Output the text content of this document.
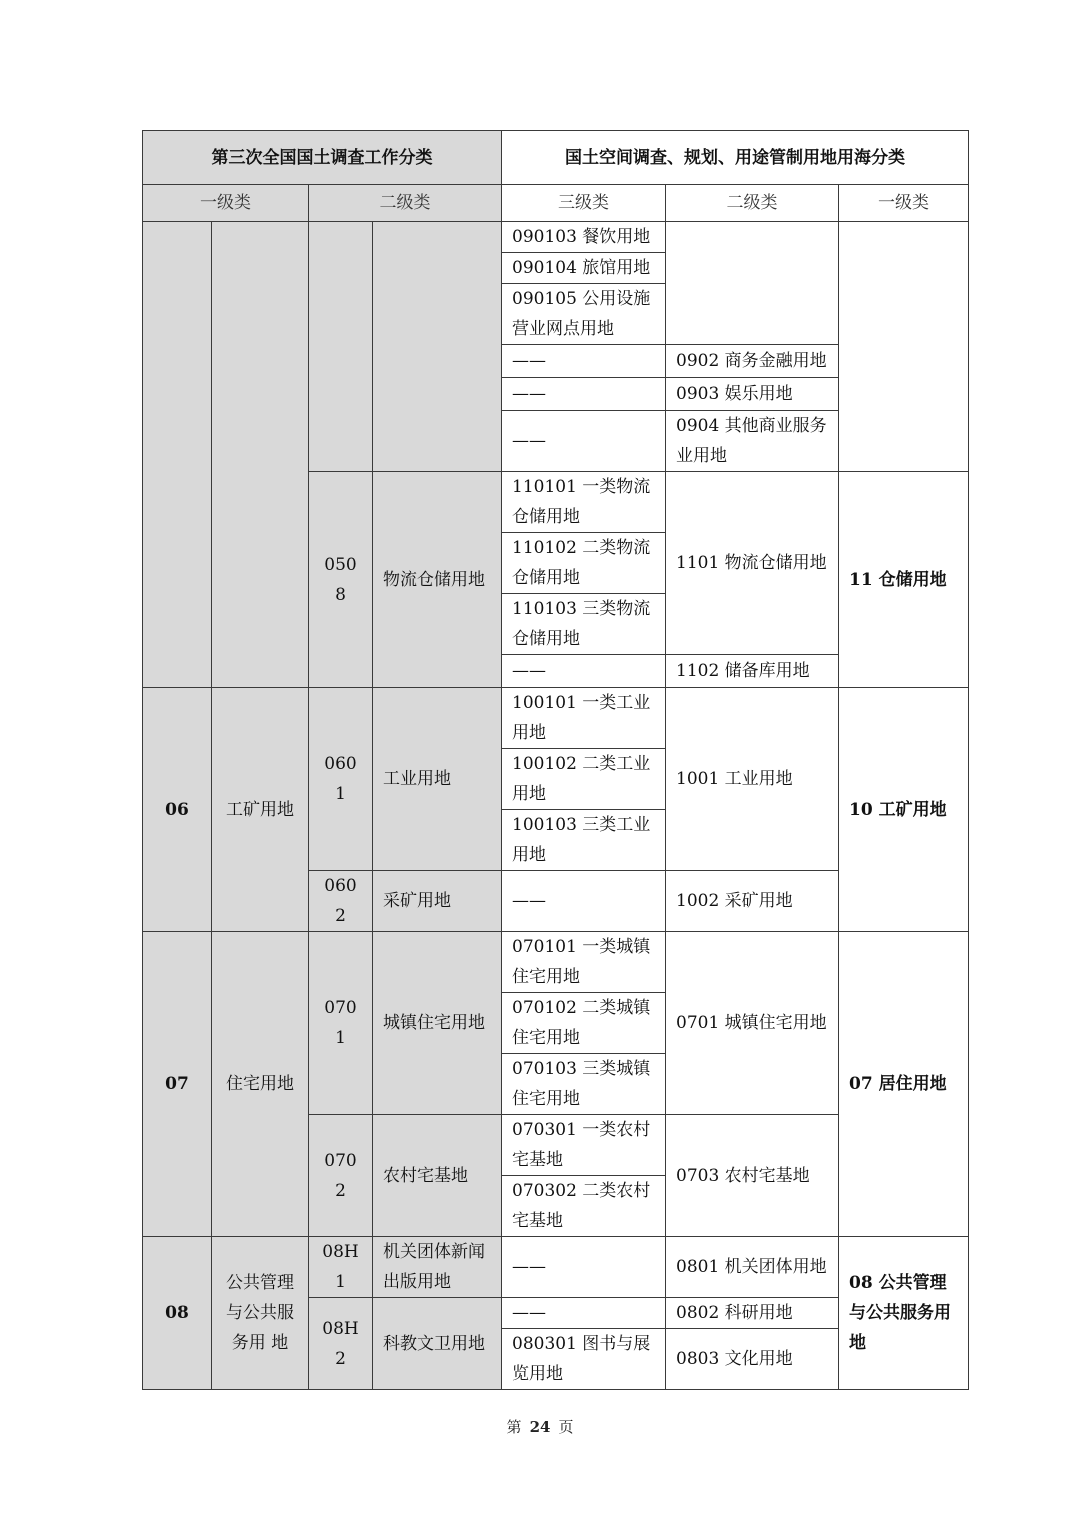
第三次全国国土调查工作分类				国土空间调查、规划、用途管制用地用海分类		
一级类		二级类		三级类	二级类	一级类
				090103 餐饮用地		
				090104 旅馆用地		
				090105 公用设施营业网点用地		
				——	0902 商务金融用地	
				——	0903 娱乐用地	
				——	0904 其他商业服务业用地	
		0508	物流仓储用地	110101 一类物流仓储用地	1101 物流仓储用地	11 仓储用地
				110102 二类物流仓储用地		

				110103 三类物流仓储用地		

				——	1102 储备库用地	
06	工矿用地	0601	工业用地	100101 一类工业用地	1001 工业用地	10 工矿用地
				100102 二类工业用地		
				100103 三类工业用地		
		0602	采矿用地	——	1002 采矿用地	
07	住宅用地	0701	城镇住宅用地	070101 一类城镇住宅用地	0701 城镇住宅用地	07 居住用地
				070102 二类城镇住宅用地		
				070103 三类城镇住宅用地		
		0702	农村宅基地	070301 一类农村宅基地	0703 农村宅基地	
				070302 二类农村宅基地		
08	公共管理与公共服务用 地	08H1	机关团体新闻出版用地	——	0801 机关团体用地	08 公共管理与公共服务用地
		08H2	科教文卫用地	——	0802 科研用地	
				080301 图书与展览用地	0803 文化用地	
第 24 页
